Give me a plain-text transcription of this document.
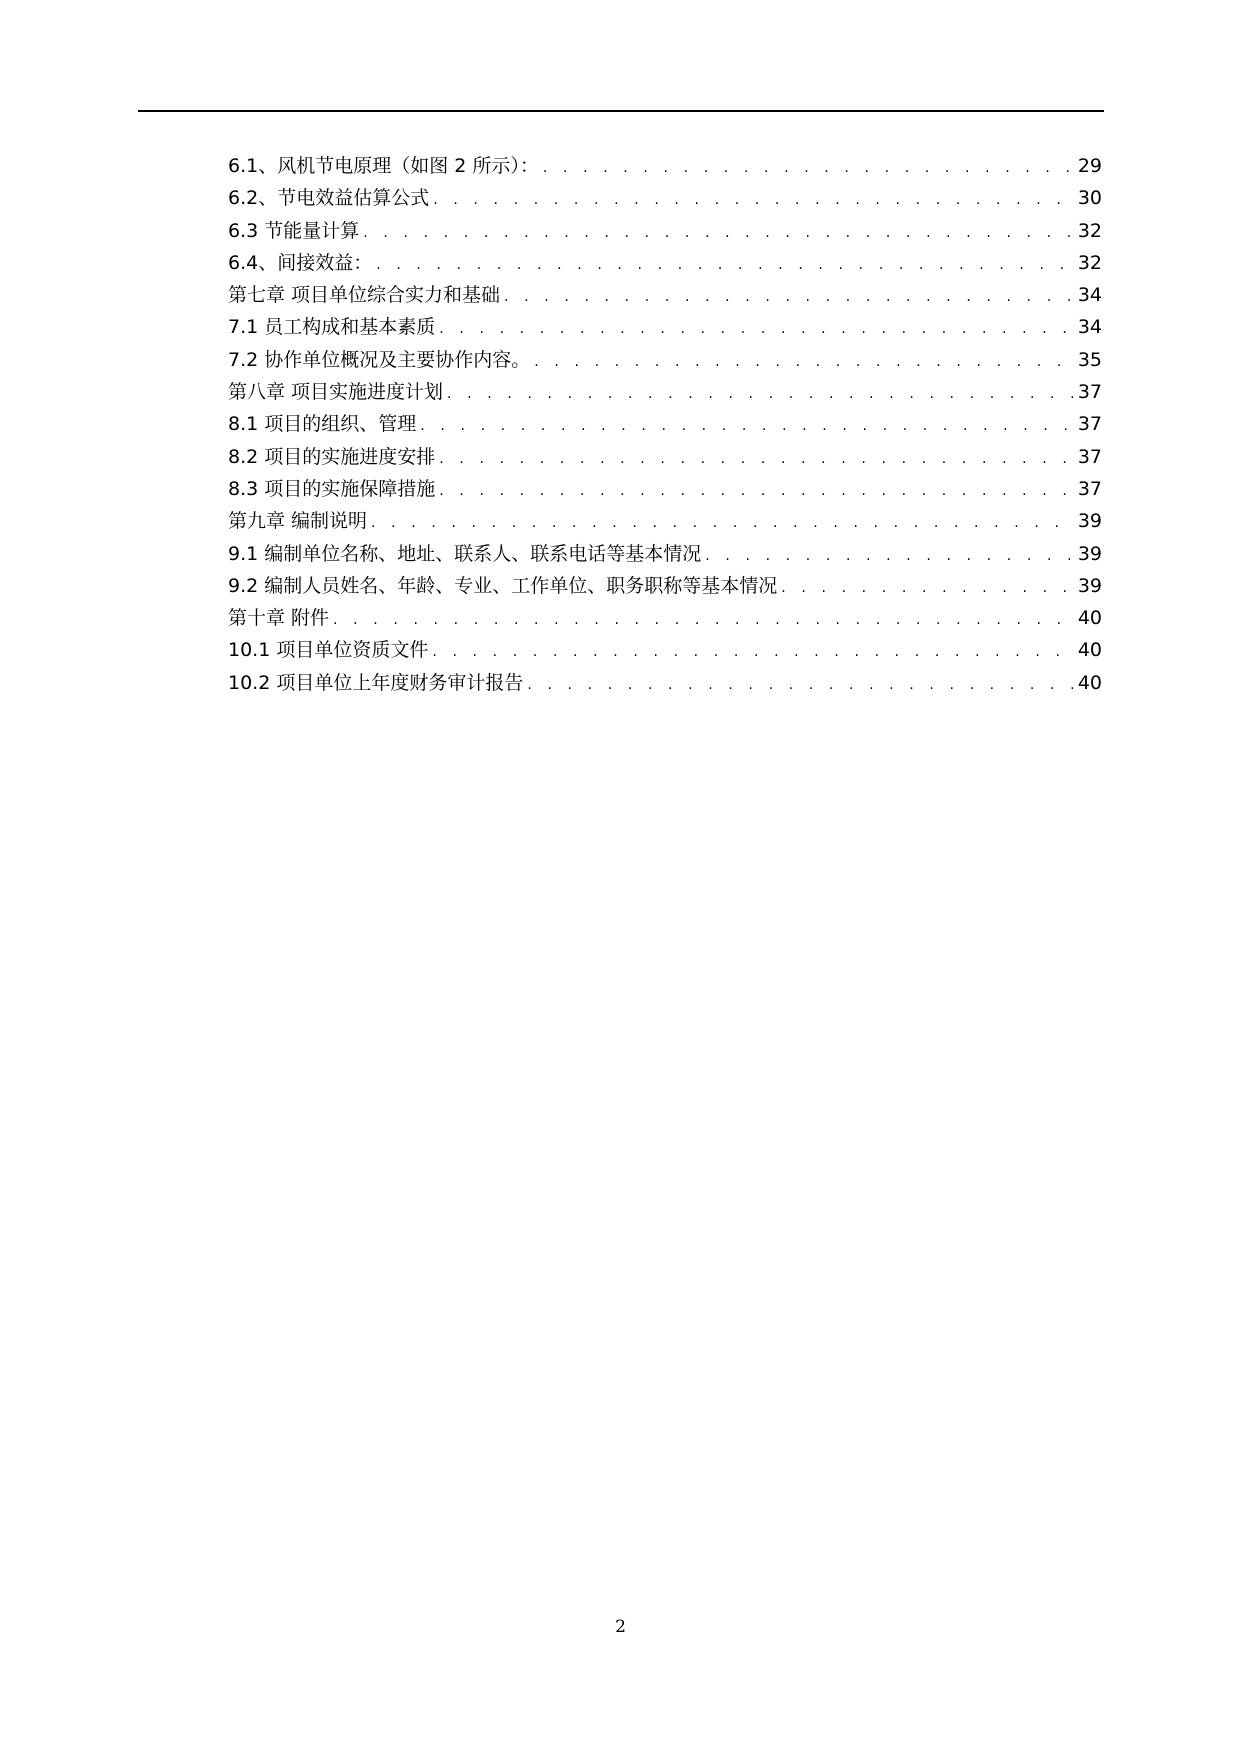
6.1、风机节电原理（如图 2 所示）： . . .	29
6.2、节电效益估算公式 . . .	30
6.3 节能量计算 . . .	32
6.4、间接效益： . . .	32
第七章 项目单位综合实力和基础 . . .	34
7.1 员工构成和基本素质 . . .	34
7.2 协作单位概况及主要协作内容。 . . .	35
第八章 项目实施进度计划 . . .	37
8.1 项目的组织、管理 . . .	37
8.2 项目的实施进度安排 . . .	37
8.3 项目的实施保障措施 . . .	37
第九章 编制说明 . . .	39
9.1 编制单位名称、地址、联系人、联系电话等基本情况 . . .	39
9.2 编制人员姓名、年龄、专业、工作单位、职务职称等基本情况 . . .	39
第十章 附件 . . .	40
10.1 项目单位资质文件 . . .	40
10.2 项目单位上年度财务审计报告 . . .	40
2
